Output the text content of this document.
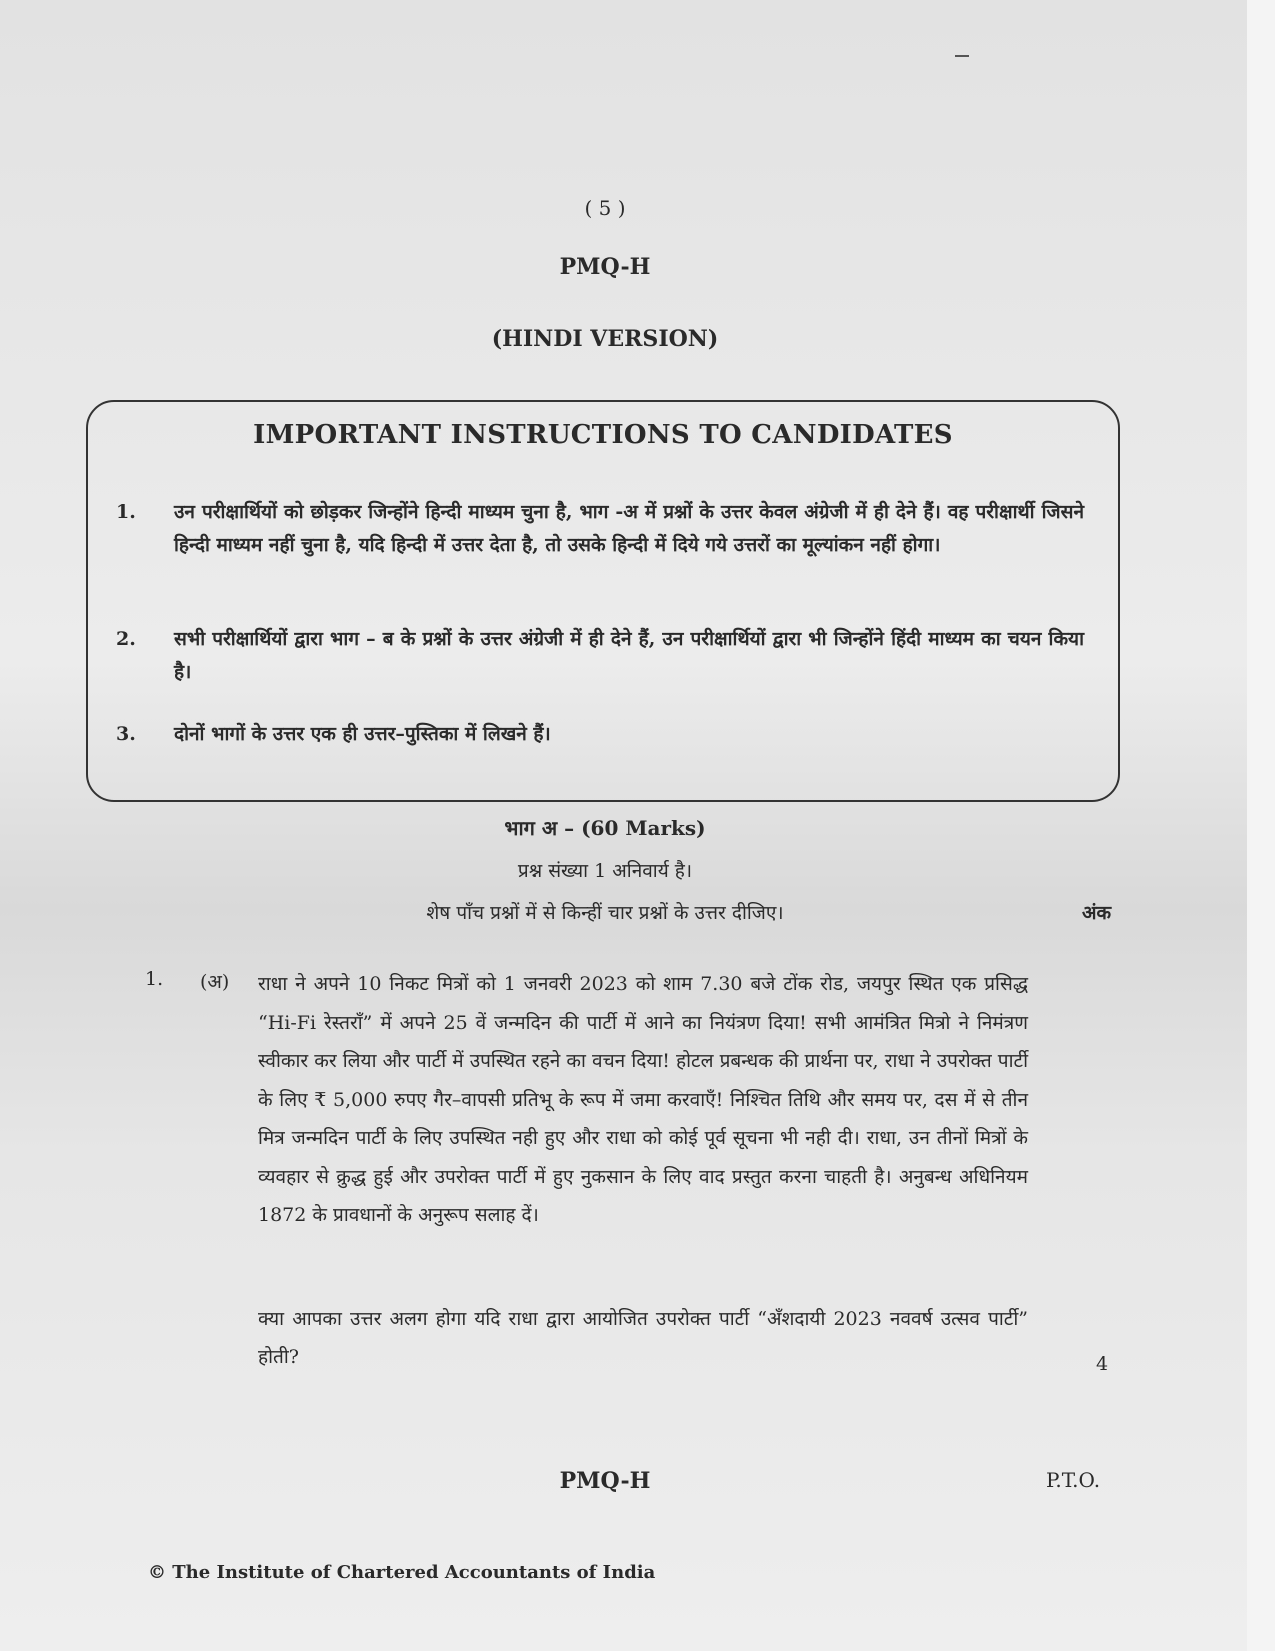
( 5 )
PMQ-H
(HINDI VERSION)
IMPORTANT INSTRUCTIONS TO CANDIDATES
1.	उन परीक्षार्थियों को छोड़कर जिन्होंने हिन्दी माध्यम चुना है, भाग -अ में प्रश्नों के उत्तर केवल अंग्रेजी में ही देने हैं। वह परीक्षार्थी जिसने हिन्दी माध्यम नहीं चुना है, यदि हिन्दी में उत्तर देता है, तो उसके हिन्दी में दिये गये उत्तरों का मूल्यांकन नहीं होगा।
2.	सभी परीक्षार्थियों द्वारा भाग – ब के प्रश्नों के उत्तर अंग्रेजी में ही देने हैं, उन परीक्षार्थियों द्वारा भी जिन्होंने हिंदी माध्यम का चयन किया है।
3.	दोनों भागों के उत्तर एक ही उत्तर–पुस्तिका में लिखने हैं।
भाग अ – (60 Marks)
प्रश्न संख्या 1 अनिवार्य है।
शेष पाँच प्रश्नों में से किन्हीं चार प्रश्नों के उत्तर दीजिए।	अंक
1. (अ) राधा ने अपने 10 निकट मित्रों को 1 जनवरी 2023 को शाम 7.30 बजे टोंक रोड, जयपुर स्थित एक प्रसिद्ध “Hi-Fi रेस्तराँ” में अपने 25 वें जन्मदिन की पार्टी में आने का नियंत्रण दिया! सभी आमंत्रित मित्रो ने निमंत्रण स्वीकार कर लिया और पार्टी में उपस्थित रहने का वचन दिया! होटल प्रबन्धक की प्रार्थना पर, राधा ने उपरोक्त पार्टी के लिए ₹ 5,000 रुपए गैर–वापसी प्रतिभू के रूप में जमा करवाएँ! निश्चित तिथि और समय पर, दस में से तीन मित्र जन्मदिन पार्टी के लिए उपस्थित नही हुए और राधा को कोई पूर्व सूचना भी नही दी। राधा, उन तीनों मित्रों के व्यवहार से क्रुद्ध हुई और उपरोक्त पार्टी में हुए नुकसान के लिए वाद प्रस्तुत करना चाहती है। अनुबन्ध अधिनियम 1872 के प्रावधानों के अनुरूप सलाह दें।
क्या आपका उत्तर अलग होगा यदि राधा द्वारा आयोजित उपरोक्त पार्टी “अँशदायी 2023 नववर्ष उत्सव पार्टी” होती?	4
PMQ-H	P.T.O.
© The Institute of Chartered Accountants of India
